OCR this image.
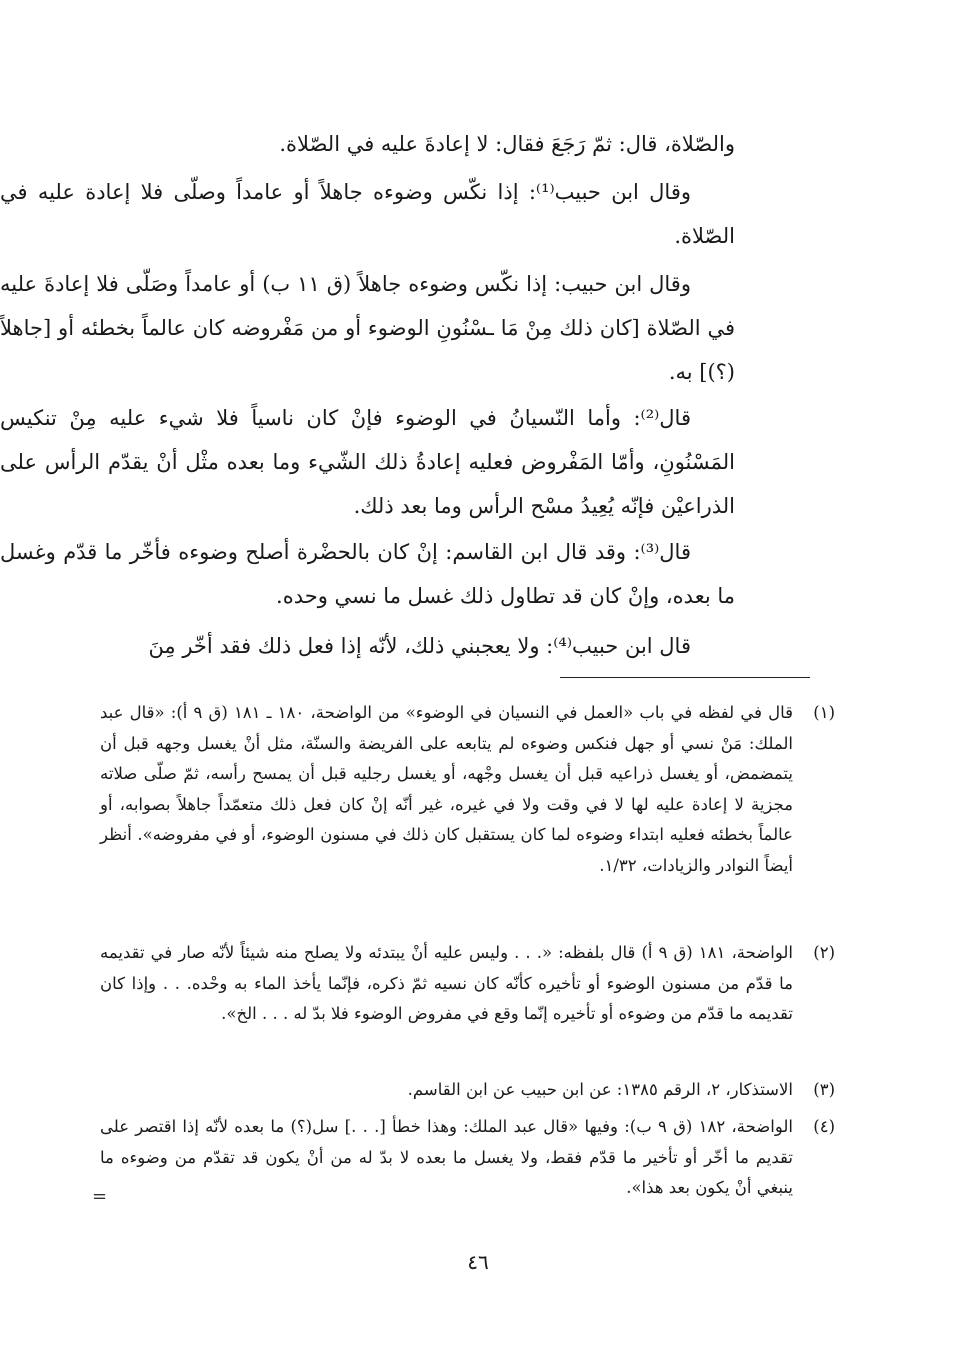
والصّلاة، قال: ثمّ رَجَعَ فقال: لا إعادةَ عليه في الصّلاة.
وقال ابن حبيب⁽¹⁾: إذا نكّس وضوءه جاهلاً أو عامداً وصلّى فلا إعادة عليه في الصّلاة.
وقال ابن حبيب: إذا نكّس وضوءه جاهلاً (ق ١١ ب) أو عامداً وصَلّى فلا إعادةَ عليه في الصّلاة [كان ذلك مِنْ مَا ـسْنُونِ الوضوء أو من مَفْروضه كان عالماً بخطئه أو [جاهلاً (؟)] به.
قال⁽²⁾: وأما النّسيانُ في الوضوء فإنْ كان ناسياً فلا شيء عليه مِنْ تنكيس المَسْنُونِ، وأمّا المَفْروض فعليه إعادةُ ذلك الشّيء وما بعده مثْل أنْ يقدّم الرأس على الذراعيْن فإنّه يُعِيدُ مسْح الرأس وما بعد ذلك.
قال⁽³⁾: وقد قال ابن القاسم: إنْ كان بالحضْرة أصلح وضوءه فأخّر ما قدّم وغسل ما بعده، وإنْ كان قد تطاول ذلك غسل ما نسي وحده.
قال ابن حبيب⁽⁴⁾: ولا يعجبني ذلك، لأنّه إذا فعل ذلك فقد أخّر مِنَ
(١)
قال في لفظه في باب «العمل في النسيان في الوضوء» من الواضحة، ١٨٠ ـ ١٨١ (ق ٩ أ): «قال عبد الملك: مَنْ نسي أو جهل فنكس وضوءه لم يتابعه على الفريضة والسنّة، مثل أنْ يغسل وجهه قبل أن يتمضمض، أو يغسل ذراعيه قبل أن يغسل وجْهه، أو يغسل رجليه قبل أن يمسح رأسه، ثمّ صلّى صلاته مجزية لا إعادة عليه لها لا في وقت ولا في غيره، غير أنّه إنْ كان فعل ذلك متعمّداً جاهلاً بصوابه، أو عالماً بخطئه فعليه ابتداء وضوءه لما كان يستقبل كان ذلك في مسنون الوضوء، أو في مفروضه». أنظر أيضاً النوادر والزيادات، ١/٣٢.
(٢)
الواضحة، ١٨١ (ق ٩ أ) قال بلفظه: «. . . وليس عليه أنْ يبتدئه ولا يصلح منه شيئاً لأنّه صار في تقديمه ما قدّم من مسنون الوضوء أو تأخيره كأنّه كان نسيه ثمّ ذكره، فإنّما يأخذ الماء به وحْده. . . وإذا كان تقديمه ما قدّم من وضوءه أو تأخيره إنّما وقع في مفروض الوضوء فلا بدّ له . . . الخ».
(٣)
الاستذكار، ٢، الرقم ١٣٨٥: عن ابن حبيب عن ابن القاسم.
(٤)
الواضحة، ١٨٢ (ق ٩ ب): وفيها «قال عبد الملك: وهذا خطأ [. . .] سل(؟) ما بعده لأنّه إذا اقتصر على تقديم ما أخّر أو تأخير ما قدّم فقط، ولا يغسل ما بعده لا بدّ له من أنْ يكون قد تقدّم من وضوءه ما ينبغي أنْ يكون بعد هذا».
=
٤٦
